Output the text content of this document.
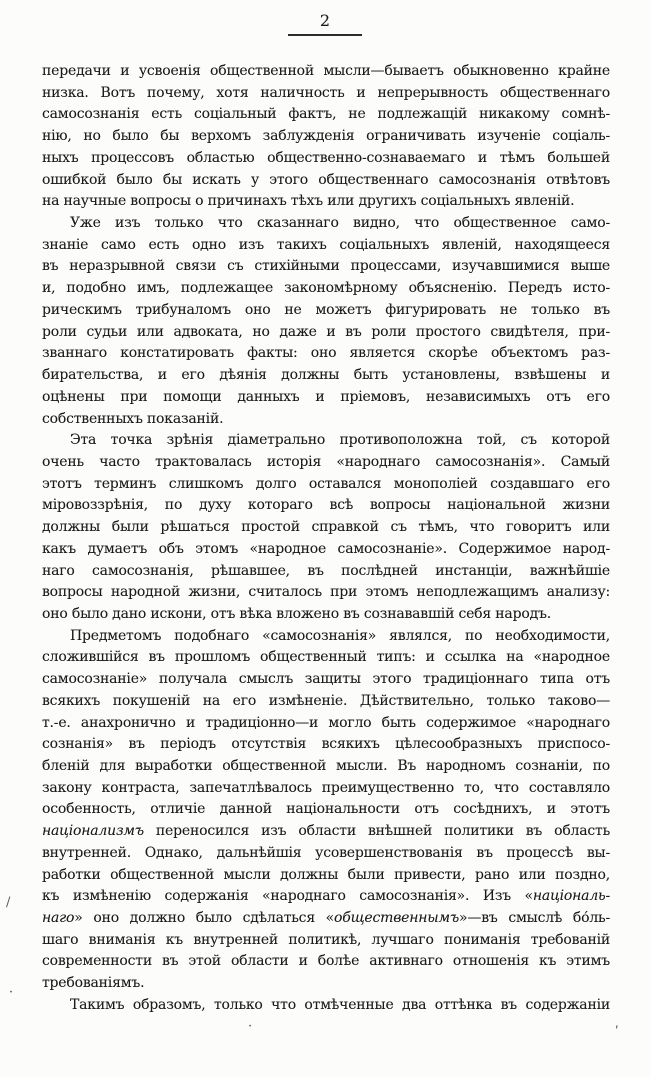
2
передачи и усвоенія общественной мысли—бываетъ обыкновенно крайне
низка. Вотъ почему, хотя наличность и непрерывность общественнаго
самосознанія есть соціальный фактъ, не подлежащій никакому сомнѣ-
нію, но было бы верхомъ заблужденія ограничивать изученіе соціаль-
ныхъ процессовъ областью общественно-сознаваемаго и тѣмъ большей
ошибкой было бы искать у этого общественнаго самосознанія отвѣтовъ
на научные вопросы о причинахъ тѣхъ или другихъ соціальныхъ явленій.
Уже изъ только что сказаннаго видно, что общественное само-
знаніе само есть одно изъ такихъ соціальныхъ явленій, находящееся
въ неразрывной связи съ стихійными процессами, изучавшимися выше
и, подобно имъ, подлежащее закономѣрному объясненію. Передъ исто-
рическимъ трибуналомъ оно не можетъ фигурировать не только въ
роли судьи или адвоката, но даже и въ роли простого свидѣтеля, при-
званнаго констатировать факты: оно является скорѣе объектомъ раз-
бирательства, и его дѣянія должны быть установлены, взвѣшены и
оцѣнены при помощи данныхъ и пріемовъ, независимыхъ отъ его
собственныхъ показаній.
Эта точка зрѣнія діаметрально противоположна той, съ которой
очень часто трактовалась исторія «народнаго самосознанія». Самый
этотъ терминъ слишкомъ долго оставался монополіей создавшаго его
міровоззрѣнія, по духу котораго всѣ вопросы національной жизни
должны были рѣшаться простой справкой съ тѣмъ, что говоритъ или
какъ думаетъ объ этомъ «народное самосознаніе». Содержимое народ-
наго самосознанія, рѣшавшее, въ послѣдней инстанціи, важнѣйшіе
вопросы народной жизни, считалось при этомъ неподлежащимъ анализу:
оно было дано искони, отъ вѣка вложено въ сознававшій себя народъ.
Предметомъ подобнаго «самосознанія» являлся, по необходимости,
сложившійся въ прошломъ общественный типъ: и ссылка на «народное
самосознаніе» получала смыслъ защиты этого традиціоннаго типа отъ
всякихъ покушеній на его измѣненіе. Дѣйствительно, только таково—
т.-е. анахронично и традиціонно—и могло быть содержимое «народнаго
сознанія» въ періодъ отсутствія всякихъ цѣлесообразныхъ приспосо-
бленій для выработки общественной мысли. Въ народномъ сознаніи, по
закону контраста, запечатлѣвалось преимущественно то, что составляло
особенность, отличіе данной національности отъ сосѣднихъ, и этотъ
націонализмъ переносился изъ области внѣшней политики въ область
внутренней. Однако, дальнѣйшія усовершенствованія въ процессѣ вы-
работки общественной мысли должны были привести, рано или поздно,
къ измѣненію содержанія «народнаго самосознанія». Изъ «національ-
наго» оно должно было сдѣлаться «общественнымъ»—въ смыслѣ бо́ль-
шаго вниманія къ внутренней политикѣ, лучшаго пониманія требованій
современности въ этой области и болѣе активнаго отношенія къ этимъ
требованіямъ.
Такимъ образомъ, только что отмѣченные два оттѣнка въ содержаніи
/
·
·	ʹ
